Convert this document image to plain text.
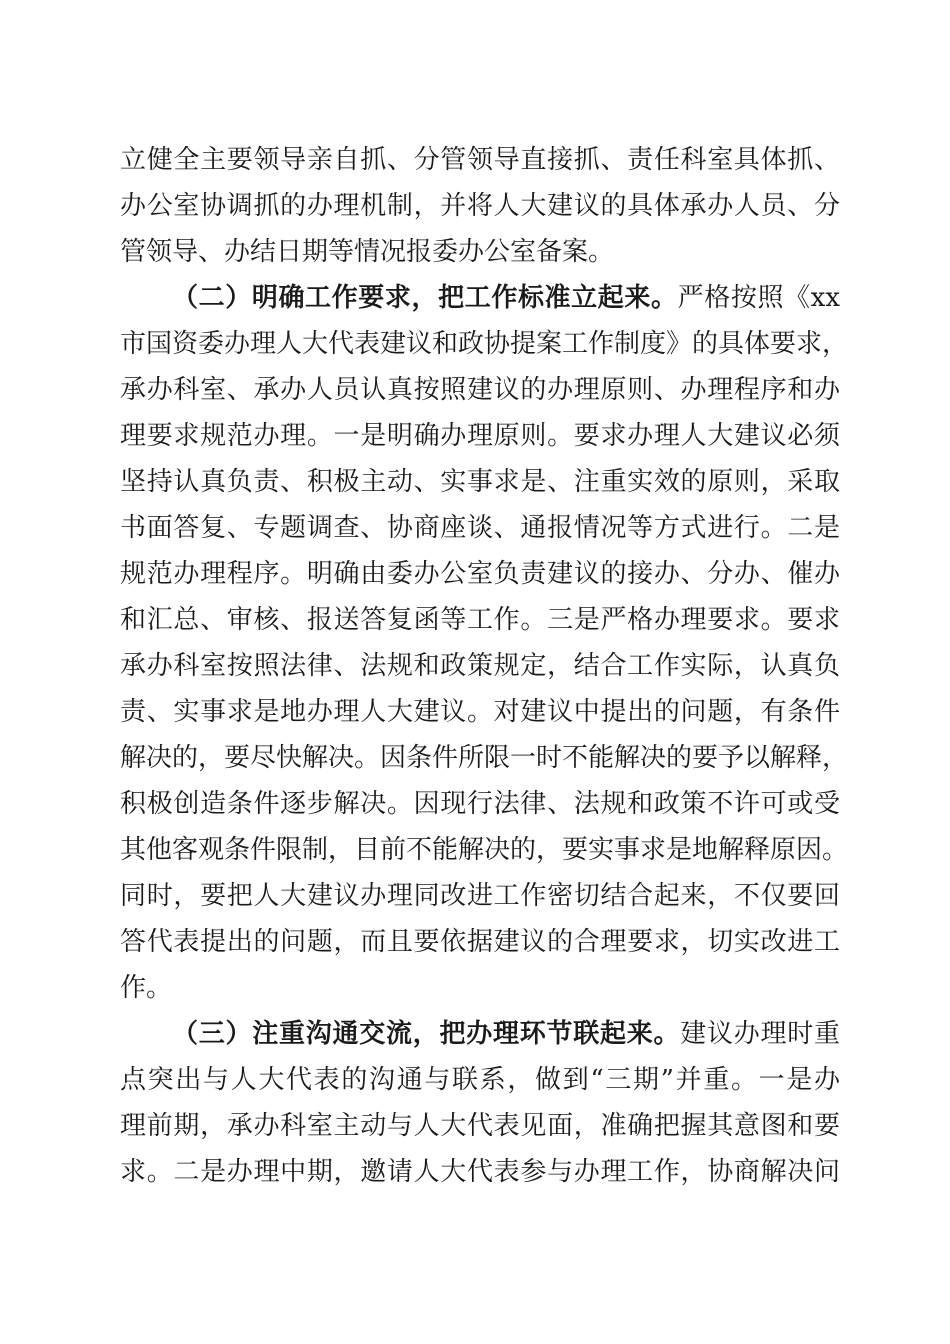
立健全主要领导亲自抓、分管领导直接抓、责任科室具体抓、
办公室协调抓的办理机制，并将人大建议的具体承办人员、分
管领导、办结日期等情况报委办公室备案。
（二）明确工作要求，把工作标准立起来。严格按照《xx
市国资委办理人大代表建议和政协提案工作制度》的具体要求，
承办科室、承办人员认真按照建议的办理原则、办理程序和办
理要求规范办理。一是明确办理原则。要求办理人大建议必须
坚持认真负责、积极主动、实事求是、注重实效的原则，采取
书面答复、专题调查、协商座谈、通报情况等方式进行。二是
规范办理程序。明确由委办公室负责建议的接办、分办、催办
和汇总、审核、报送答复函等工作。三是严格办理要求。要求
承办科室按照法律、法规和政策规定，结合工作实际，认真负
责、实事求是地办理人大建议。对建议中提出的问题，有条件
解决的，要尽快解决。因条件所限一时不能解决的要予以解释，
积极创造条件逐步解决。因现行法律、法规和政策不许可或受
其他客观条件限制，目前不能解决的，要实事求是地解释原因。
同时，要把人大建议办理同改进工作密切结合起来，不仅要回
答代表提出的问题，而且要依据建议的合理要求，切实改进工
作。
（三）注重沟通交流，把办理环节联起来。建议办理时重
点突出与人大代表的沟通与联系，做到“三期”并重。一是办
理前期，承办科室主动与人大代表见面，准确把握其意图和要
求。二是办理中期，邀请人大代表参与办理工作，协商解决问
